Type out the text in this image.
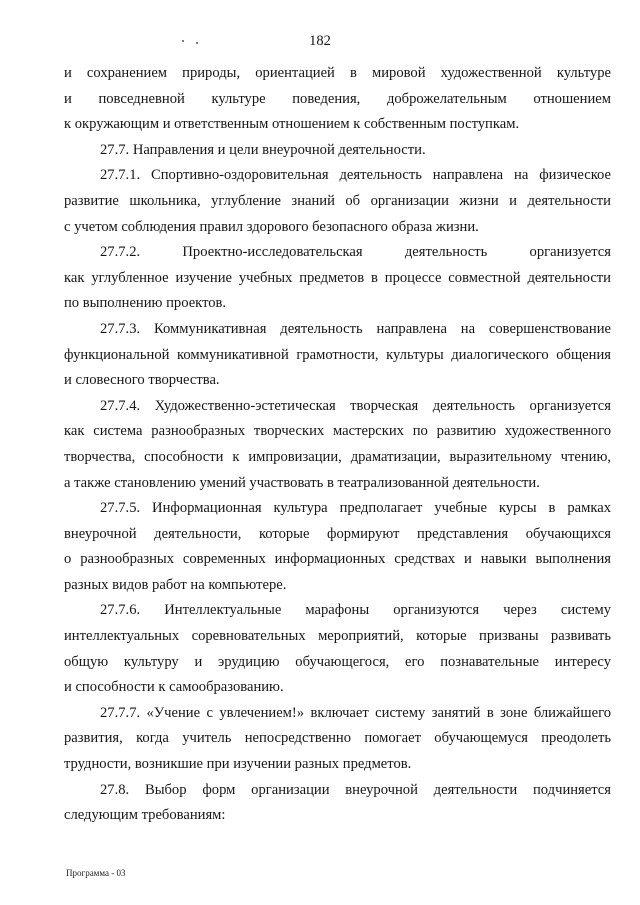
182

и сохранением природы, ориентацией в мировой художественной культуре

и повседневной культуре поведения, доброжелательным отношением

к окружающим и ответственным отношением к собственным поступкам.

27.7. Направления и цели внеурочной деятельности.

27.7.1. Спортивно-оздоровительная деятельность направлена на физическое

развитие школьника, углубление знаний об организации жизни и деятельности

с учетом соблюдения правил здорового безопасного образа жизни.

27.7.2. Проектно-исследовательская деятельность организуется

как углубленное изучение учебных предметов в процессе совместной деятельности

по выполнению проектов.

27.7.3. Коммуникативная деятельность направлена на совершенствование

функциональной коммуникативной грамотности, культуры диалогического общения

и словесного творчества.

27.7.4. Художественно-эстетическая творческая деятельность организуется

как система разнообразных творческих мастерских по развитию художественного

творчества, способности к импровизации, драматизации, выразительному чтению,

а также становлению умений участвовать в театрализованной деятельности.

27.7.5. Информационная культура предполагает учебные курсы в рамках

внеурочной деятельности, которые формируют представления обучающихся

о разнообразных современных информационных средствах и навыки выполнения

разных видов работ на компьютере.

27.7.6. Интеллектуальные марафоны организуются через систему

интеллектуальных соревновательных мероприятий, которые призваны развивать

общую культуру и эрудицию обучающегося, его познавательные интересу

и способности к самообразованию.

27.7.7. «Учение с увлечением!» включает систему занятий в зоне ближайшего

развития, когда учитель непосредственно помогает обучающемуся преодолеть

трудности, возникшие при изучении разных предметов.

27.8. Выбор форм организации внеурочной деятельности подчиняется

следующим требованиям:

Программа - 03
